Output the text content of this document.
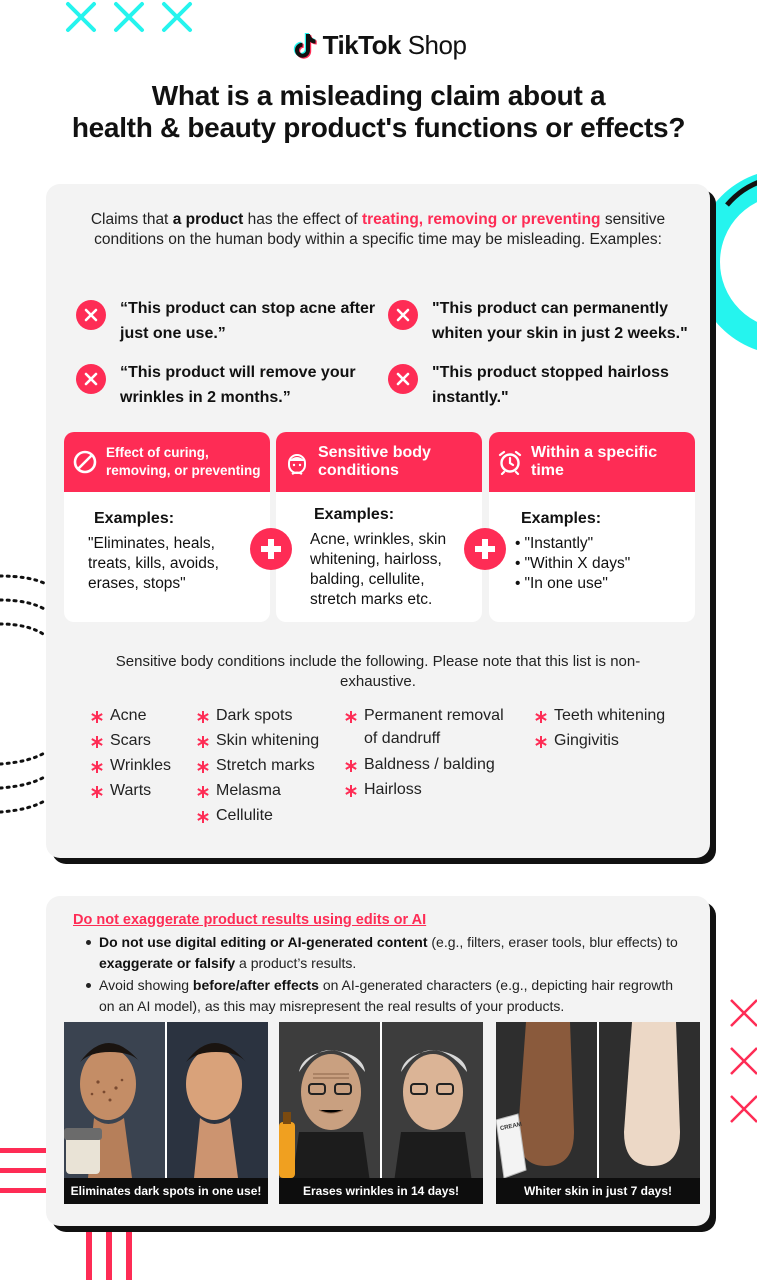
TikTok Shop
What is a misleading claim about a
health & beauty product's functions or effects?

Claims that a product has the effect of treating, removing or preventing sensitive conditions on the human body within a specific time may be misleading. Examples:

“This product can stop acne after just one use.”
"This product can permanently whiten your skin in just 2 weeks."
“This product will remove your wrinkles in 2 months.”
"This product stopped hairloss instantly."
Effect of curing, removing, or preventing
Examples:
"Eliminates, heals, treats, kills, avoids, erases, stops"
Sensitive body conditions
Examples:
Acne, wrinkles, skin whitening, hairloss, balding, cellulite, stretch marks etc.
Within a specific time
Examples:
• "Instantly"
• "Within X days"
• "In one use"

Sensitive body conditions include the following. Please note that this list is non-exhaustive.

Acne
Scars
Wrinkles
Warts
Dark spots
Skin whitening
Stretch marks
Melasma
Cellulite
Permanent removal of dandruff
Baldness / balding
Hairloss
Teeth whitening
Gingivitis
Do not exaggerate product results using edits or AI
Do not use digital editing or AI-generated content (e.g., filters, eraser tools, blur effects) to exaggerate or falsify a product’s results.
Avoid showing before/after effects on AI-generated characters (e.g., depicting hair regrowth on an AI model), as this may misrepresent the real results of your products.
Eliminates dark spots in one use!	Erases wrinkles in 14 days!
CREAM
Whiter skin in just 7 days!
